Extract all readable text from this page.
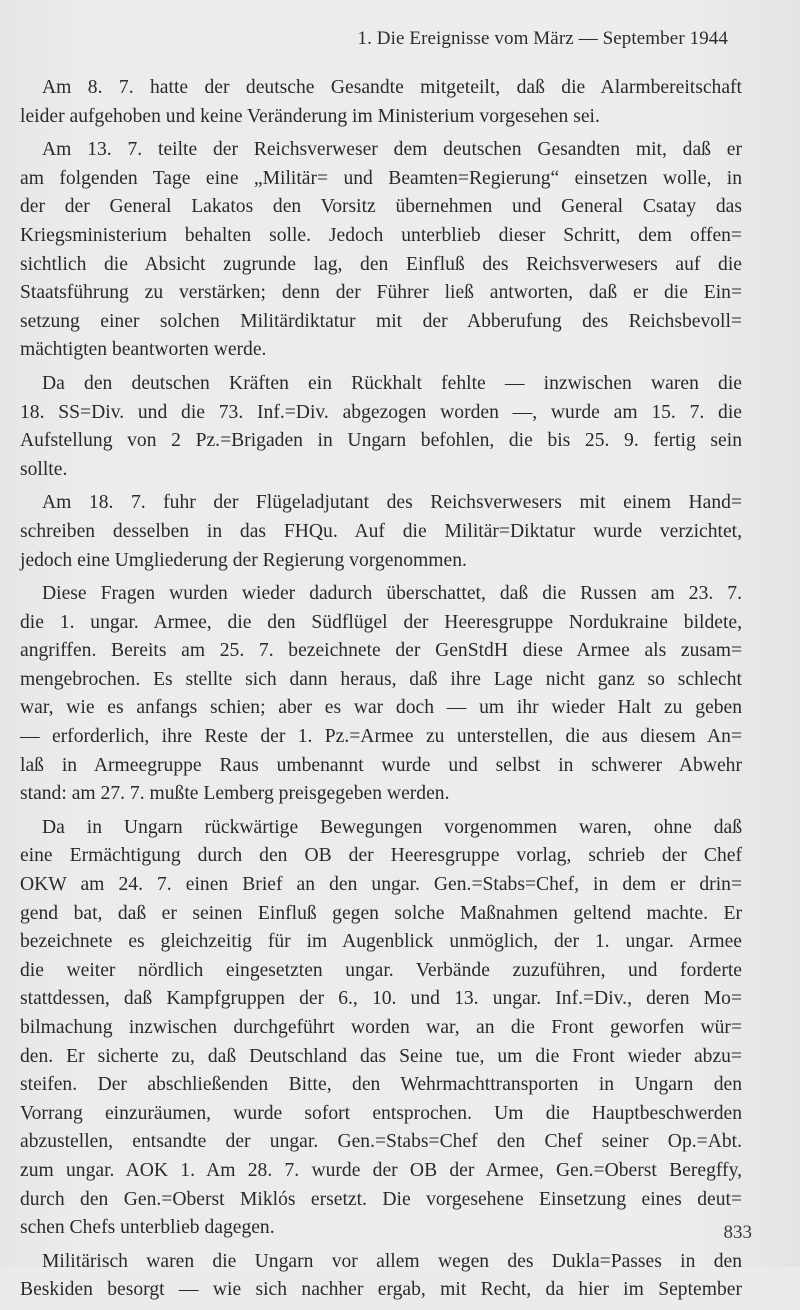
1. Die Ereignisse vom März — September 1944
Am 8. 7. hatte der deutsche Gesandte mitgeteilt, daß die Alarmbereitschaft
leider aufgehoben und keine Veränderung im Ministerium vorgesehen sei.
Am 13. 7. teilte der Reichsverweser dem deutschen Gesandten mit, daß er
am folgenden Tage eine „Militär= und Beamten=Regierung“ einsetzen wolle, in
der der General Lakatos den Vorsitz übernehmen und General Csatay das
Kriegsministerium behalten solle. Jedoch unterblieb dieser Schritt, dem offen=
sichtlich die Absicht zugrunde lag, den Einfluß des Reichsverwesers auf die
Staatsführung zu verstärken; denn der Führer ließ antworten, daß er die Ein=
setzung einer solchen Militärdiktatur mit der Abberufung des Reichsbevoll=
mächtigten beantworten werde.
Da den deutschen Kräften ein Rückhalt fehlte — inzwischen waren die
18. SS=Div. und die 73. Inf.=Div. abgezogen worden —, wurde am 15. 7. die
Aufstellung von 2 Pz.=Brigaden in Ungarn befohlen, die bis 25. 9. fertig sein
sollte.
Am 18. 7. fuhr der Flügeladjutant des Reichsverwesers mit einem Hand=
schreiben desselben in das FHQu. Auf die Militär=Diktatur wurde verzichtet,
jedoch eine Umgliederung der Regierung vorgenommen.
Diese Fragen wurden wieder dadurch überschattet, daß die Russen am 23. 7.
die 1. ungar. Armee, die den Südflügel der Heeresgruppe Nordukraine bildete,
angriffen. Bereits am 25. 7. bezeichnete der GenStdH diese Armee als zusam=
mengebrochen. Es stellte sich dann heraus, daß ihre Lage nicht ganz so schlecht
war, wie es anfangs schien; aber es war doch — um ihr wieder Halt zu geben
— erforderlich, ihre Reste der 1. Pz.=Armee zu unterstellen, die aus diesem An=
laß in Armeegruppe Raus umbenannt wurde und selbst in schwerer Abwehr
stand: am 27. 7. mußte Lemberg preisgegeben werden.
Da in Ungarn rückwärtige Bewegungen vorgenommen waren, ohne daß
eine Ermächtigung durch den OB der Heeresgruppe vorlag, schrieb der Chef
OKW am 24. 7. einen Brief an den ungar. Gen.=Stabs=Chef, in dem er drin=
gend bat, daß er seinen Einfluß gegen solche Maßnahmen geltend machte. Er
bezeichnete es gleichzeitig für im Augenblick unmöglich, der 1. ungar. Armee
die weiter nördlich eingesetzten ungar. Verbände zuzuführen, und forderte
stattdessen, daß Kampfgruppen der 6., 10. und 13. ungar. Inf.=Div., deren Mo=
bilmachung inzwischen durchgeführt worden war, an die Front geworfen wür=
den. Er sicherte zu, daß Deutschland das Seine tue, um die Front wieder abzu=
steifen. Der abschließenden Bitte, den Wehrmachttransporten in Ungarn den
Vorrang einzuräumen, wurde sofort entsprochen. Um die Hauptbeschwerden
abzustellen, entsandte der ungar. Gen.=Stabs=Chef den Chef seiner Op.=Abt.
zum ungar. AOK 1. Am 28. 7. wurde der OB der Armee, Gen.=Oberst Beregffy,
durch den Gen.=Oberst Miklós ersetzt. Die vorgesehene Einsetzung eines deut=
schen Chefs unterblieb dagegen.
Militärisch waren die Ungarn vor allem wegen des Dukla=Passes in den
Beskiden besorgt — wie sich nachher ergab, mit Recht, da hier im September
833
